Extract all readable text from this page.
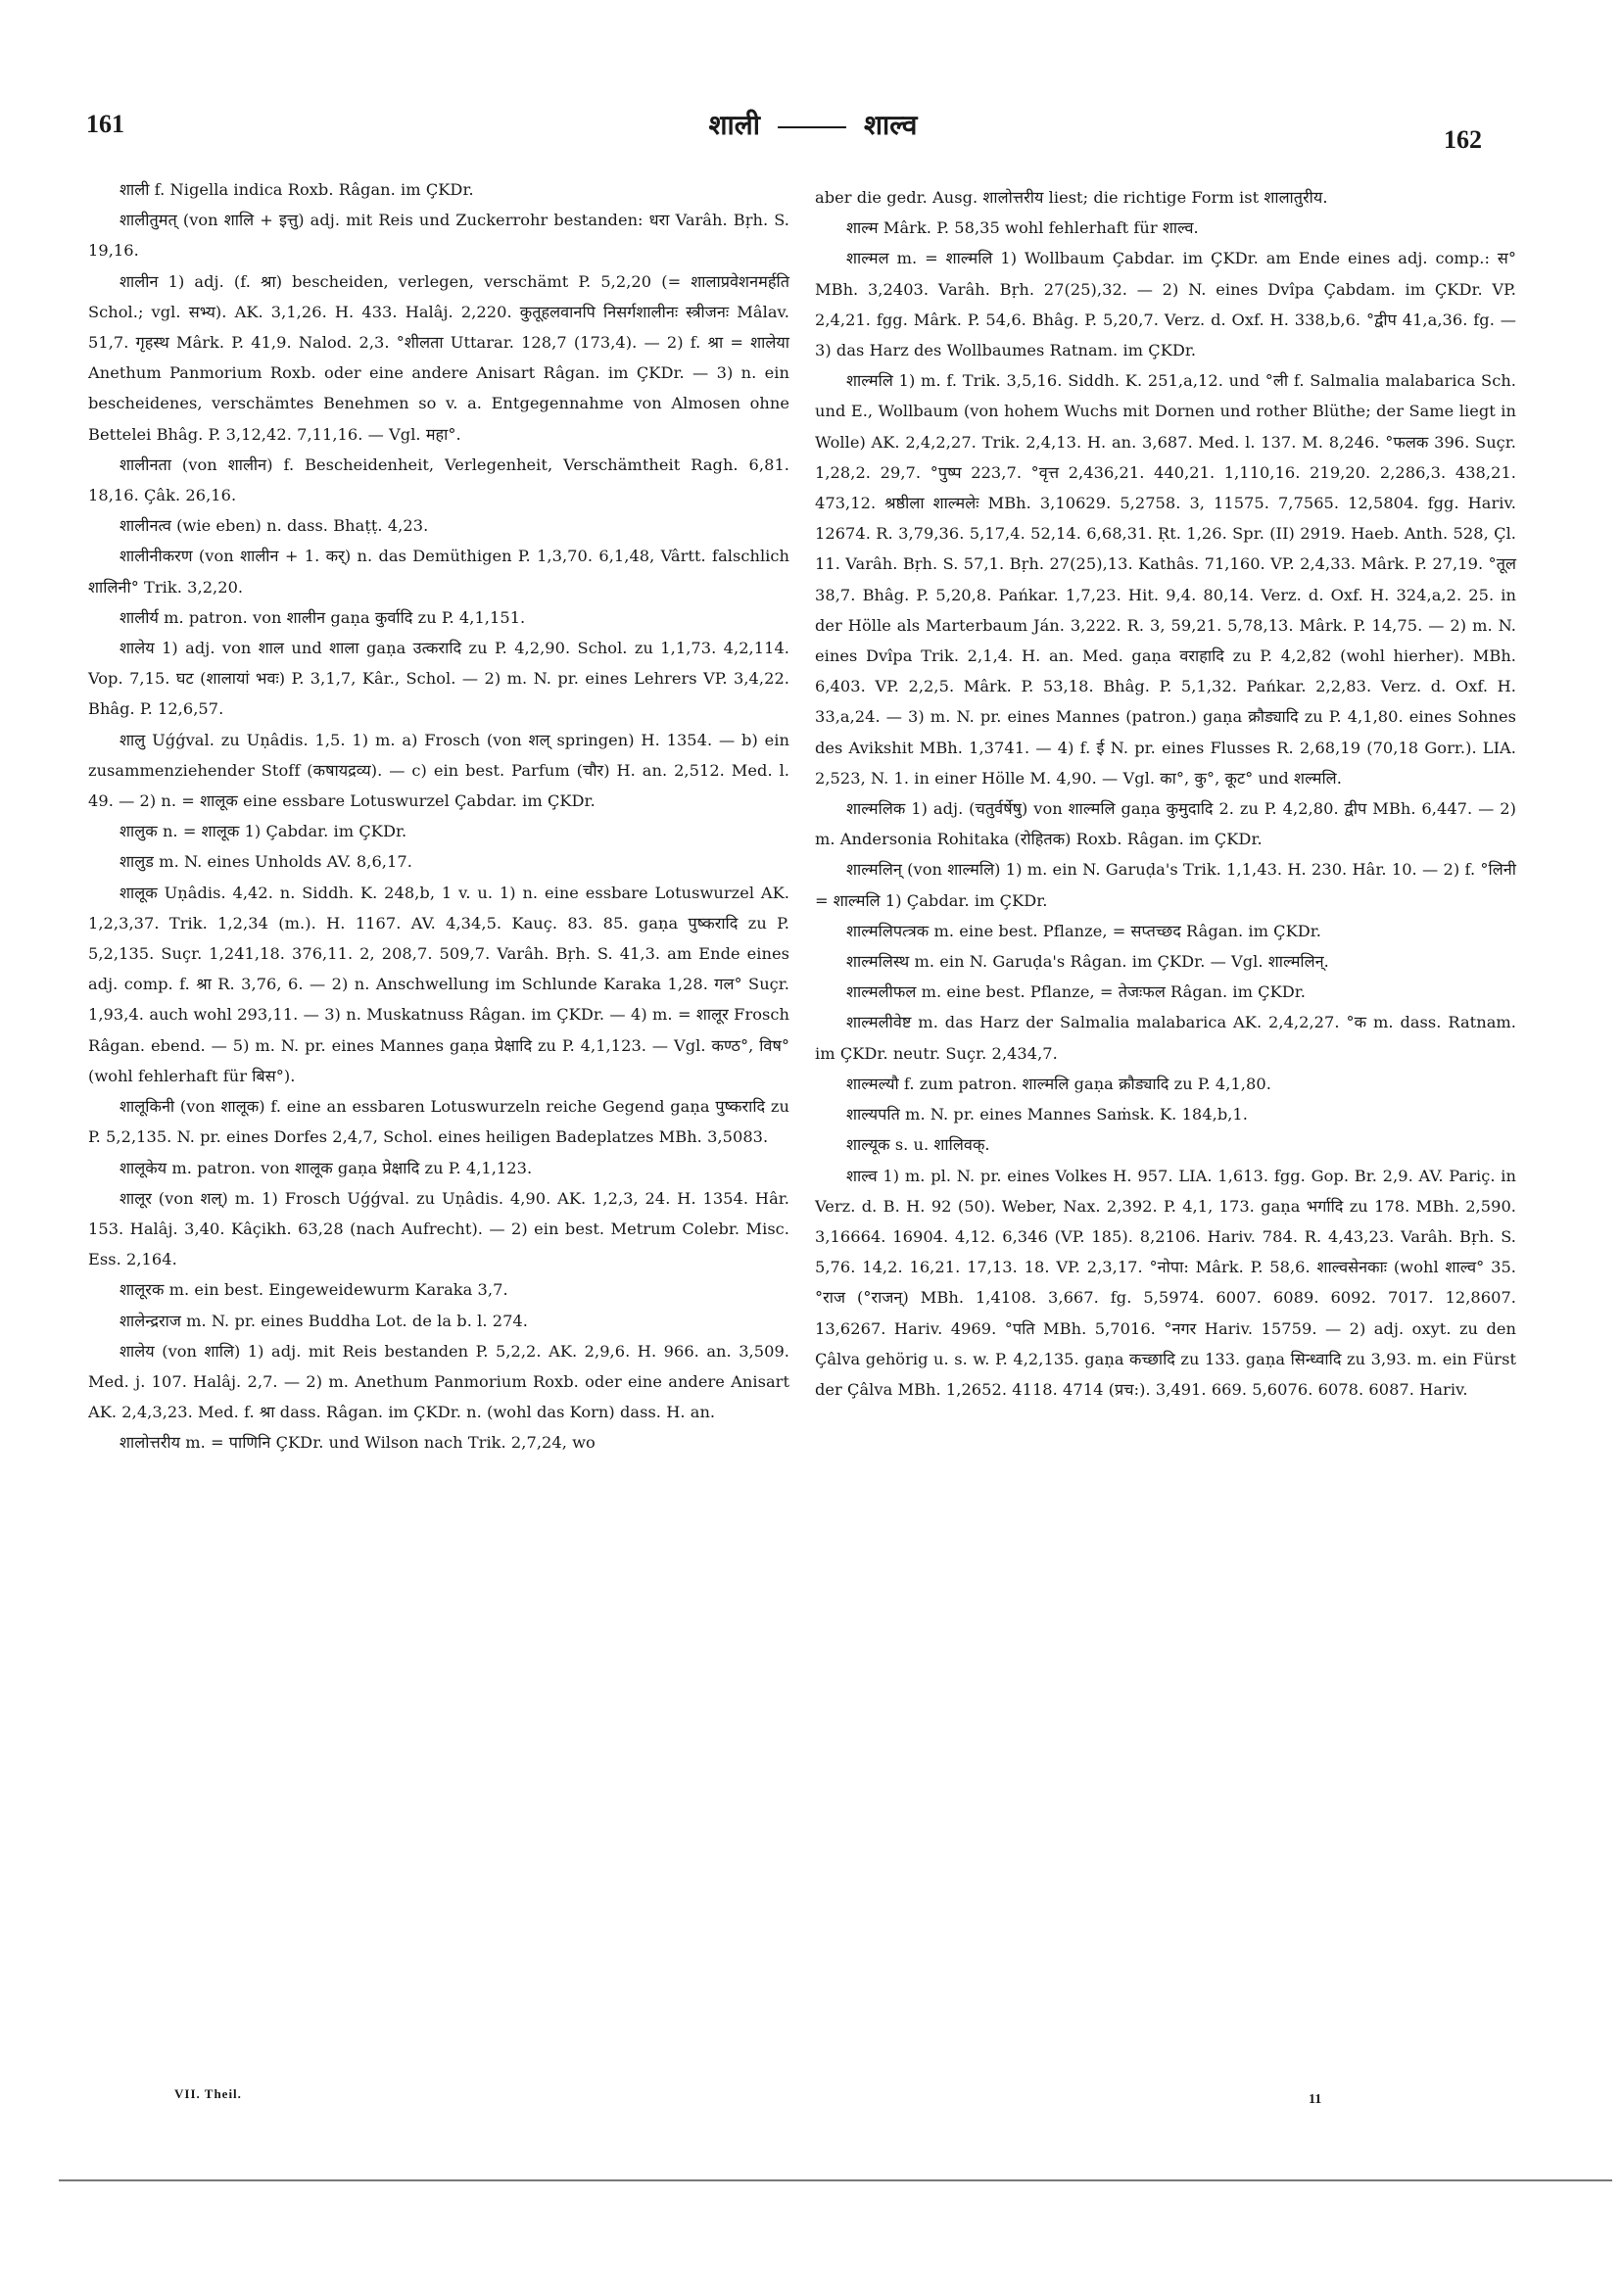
161	शाली	शाल्व	162

शाली f. Nigella indica Roxb. Râgan. im ÇKDr.

शालीतुमत् (von शालि + इत्तु) adj. mit Reis und Zuckerrohr bestanden: धरा Varâh. Bṛh. S. 19,16.

शालीन 1) adj. (f. श्रा) bescheiden, verlegen, verschämt P. 5,2,20 (= शालाप्रवेशनमर्हति Schol.; vgl. सभ्य). AK. 3,1,26. H. 433. Halâj. 2,220. कुतूहलवानपि निसर्गशालीनः स्त्रीजनः Mâlav. 51,7. गृहस्थ Mârk. P. 41,9. Nalod. 2,3. °शीलता Uttarar. 128,7 (173,4). — 2) f. श्रा = शालेया Anethum Panmorium Roxb. oder eine andere Anisart Râgan. im ÇKDr. — 3) n. ein bescheidenes, verschämtes Benehmen so v. a. Entgegennahme von Almosen ohne Bettelei Bhâg. P. 3,12,42. 7,11,16. — Vgl. महा°.

शालीनता (von शालीन) f. Bescheidenheit, Verlegenheit, Verschämtheit Ragh. 6,81. 18,16. Çâk. 26,16.

शालीनत्व (wie eben) n. dass. Bhaṭṭ. 4,23.

शालीनीकरण (von शालीन + 1. कर्) n. das Demüthigen P. 1,3,70. 6,1,48, Vârtt. falschlich शालिनी° Trik. 3,2,20.

शालीर्य m. patron. von शालीन gaṇa कुर्वादि zu P. 4,1,151.

शालेय 1) adj. von शाल und शाला gaṇa उत्करादि zu P. 4,2,90. Schol. zu 1,1,73. 4,2,114. Vop. 7,15. घट (शालायां भवः) P. 3,1,7, Kâr., Schol. — 2) m. N. pr. eines Lehrers VP. 3,4,22. Bhâg. P. 12,6,57.

शालु Uǵǵval. zu Uṇâdis. 1,5. 1) m. a) Frosch (von शल् springen) H. 1354. — b) ein zusammenziehender Stoff (कषायद्रव्य). — c) ein best. Parfum (चौर) H. an. 2,512. Med. l. 49. — 2) n. = शालूक eine essbare Lotuswurzel Çabdar. im ÇKDr.

शालुक n. = शालूक 1) Çabdar. im ÇKDr.

शालुड m. N. eines Unholds AV. 8,6,17.

शालूक Uṇâdis. 4,42. n. Siddh. K. 248,b, 1 v. u. 1) n. eine essbare Lotuswurzel AK. 1,2,3,37. Trik. 1,2,34 (m.). H. 1167. AV. 4,34,5. Kauç. 83. 85. gaṇa पुष्करादि zu P. 5,2,135. Suçr. 1,241,18. 376,11. 2, 208,7. 509,7. Varâh. Bṛh. S. 41,3. am Ende eines adj. comp. f. श्रा R. 3,76, 6. — 2) n. Anschwellung im Schlunde Karaka 1,28. गल° Suçr. 1,93,4. auch wohl 293,11. — 3) n. Muskatnuss Râgan. im ÇKDr. — 4) m. = शालूर Frosch Râgan. ebend. — 5) m. N. pr. eines Mannes gaṇa प्रेक्षादि zu P. 4,1,123. — Vgl. कण्ठ°, विष° (wohl fehlerhaft für बिस°).

शालूकिनी (von शालूक) f. eine an essbaren Lotuswurzeln reiche Gegend gaṇa पुष्करादि zu P. 5,2,135. N. pr. eines Dorfes 2,4,7, Schol. eines heiligen Badeplatzes MBh. 3,5083.

शालूकेय m. patron. von शालूक gaṇa प्रेक्षादि zu P. 4,1,123.

शालूर (von शल्) m. 1) Frosch Uǵǵval. zu Uṇâdis. 4,90. AK. 1,2,3, 24. H. 1354. Hâr. 153. Halâj. 3,40. Kâçikh. 63,28 (nach Aufrecht). — 2) ein best. Metrum Colebr. Misc. Ess. 2,164.

शालूरक m. ein best. Eingeweidewurm Karaka 3,7.

शालेन्द्रराज m. N. pr. eines Buddha Lot. de la b. l. 274.

शालेय (von शालि) 1) adj. mit Reis bestanden P. 5,2,2. AK. 2,9,6. H. 966. an. 3,509. Med. j. 107. Halâj. 2,7. — 2) m. Anethum Panmorium Roxb. oder eine andere Anisart AK. 2,4,3,23. Med. f. श्रा dass. Râgan. im ÇKDr. n. (wohl das Korn) dass. H. an.

शालोत्तरीय m. = पाणिनि ÇKDr. und Wilson nach Trik. 2,7,24, wo

aber die gedr. Ausg. शालोत्तरीय liest; die richtige Form ist शालातुरीय.

शाल्म Mârk. P. 58,35 wohl fehlerhaft für शाल्व.

शाल्मल m. = शाल्मलि 1) Wollbaum Çabdar. im ÇKDr. am Ende eines adj. comp.: स° MBh. 3,2403. Varâh. Bṛh. 27(25),32. — 2) N. eines Dvîpa Çabdam. im ÇKDr. VP. 2,4,21. fgg. Mârk. P. 54,6. Bhâg. P. 5,20,7. Verz. d. Oxf. H. 338,b,6. °द्वीप 41,a,36. fg. — 3) das Harz des Wollbaumes Ratnam. im ÇKDr.

शाल्मलि 1) m. f. Trik. 3,5,16. Siddh. K. 251,a,12. und °ली f. Salmalia malabarica Sch. und E., Wollbaum (von hohem Wuchs mit Dornen und rother Blüthe; der Same liegt in Wolle) AK. 2,4,2,27. Trik. 2,4,13. H. an. 3,687. Med. l. 137. M. 8,246. °फलक 396. Suçr. 1,28,2. 29,7. °पुष्प 223,7. °वृत्त 2,436,21. 440,21. 1,110,16. 219,20. 2,286,3. 438,21. 473,12. श्रष्ठीला शाल्मलेः MBh. 3,10629. 5,2758. 3, 11575. 7,7565. 12,5804. fgg. Hariv. 12674. R. 3,79,36. 5,17,4. 52,14. 6,68,31. Ṛt. 1,26. Spr. (II) 2919. Haeb. Anth. 528, Çl. 11. Varâh. Bṛh. S. 57,1. Bṛh. 27(25),13. Kathâs. 71,160. VP. 2,4,33. Mârk. P. 27,19. °तूल 38,7. Bhâg. P. 5,20,8. Pańkar. 1,7,23. Hit. 9,4. 80,14. Verz. d. Oxf. H. 324,a,2. 25. in der Hölle als Marterbaum Ján. 3,222. R. 3, 59,21. 5,78,13. Mârk. P. 14,75. — 2) m. N. eines Dvîpa Trik. 2,1,4. H. an. Med. gaṇa वराहादि zu P. 4,2,82 (wohl hierher). MBh. 6,403. VP. 2,2,5. Mârk. P. 53,18. Bhâg. P. 5,1,32. Pańkar. 2,2,83. Verz. d. Oxf. H. 33,a,24. — 3) m. N. pr. eines Mannes (patron.) gaṇa क्रौड्यादि zu P. 4,1,80. eines Sohnes des Avikshit MBh. 1,3741. — 4) f. ई N. pr. eines Flusses R. 2,68,19 (70,18 Gorr.). LIA. 2,523, N. 1. in einer Hölle M. 4,90. — Vgl. का°, कु°, कूट° und शल्मलि.

शाल्मलिक 1) adj. (चतुर्वर्षेषु) von शाल्मलि gaṇa कुमुदादि 2. zu P. 4,2,80. द्वीप MBh. 6,447. — 2) m. Andersonia Rohitaka (रोहितक) Roxb. Râgan. im ÇKDr.

शाल्मलिन् (von शाल्मलि) 1) m. ein N. Garuḍa's Trik. 1,1,43. H. 230. Hâr. 10. — 2) f. °लिनी = शाल्मलि 1) Çabdar. im ÇKDr.

शाल्मलिपत्त्रक m. eine best. Pflanze, = सप्तच्छद Râgan. im ÇKDr.

शाल्मलिस्थ m. ein N. Garuḍa's Râgan. im ÇKDr. — Vgl. शाल्मलिन्.

शाल्मलीफल m. eine best. Pflanze, = तेजःफल Râgan. im ÇKDr.

शाल्मलीवेष्ट m. das Harz der Salmalia malabarica AK. 2,4,2,27. °क m. dass. Ratnam. im ÇKDr. neutr. Suçr. 2,434,7.

शाल्मल्यौ f. zum patron. शाल्मलि gaṇa क्रौड्यादि zu P. 4,1,80.

शाल्यपति m. N. pr. eines Mannes Saṁsk. K. 184,b,1.

शाल्यूक s. u. शालिवक्.

शाल्व 1) m. pl. N. pr. eines Volkes H. 957. LIA. 1,613. fgg. Gop. Br. 2,9. AV. Pariç. in Verz. d. B. H. 92 (50). Weber, Nax. 2,392. P. 4,1, 173. gaṇa भर्गादि zu 178. MBh. 2,590. 3,16664. 16904. 4,12. 6,346 (VP. 185). 8,2106. Hariv. 784. R. 4,43,23. Varâh. Bṛh. S. 5,76. 14,2. 16,21. 17,13. 18. VP. 2,3,17. °नोपा: Mârk. P. 58,6. शाल्वसेनकाः (wohl शाल्व° 35. °राज (°राजन्) MBh. 1,4108. 3,667. fg. 5,5974. 6007. 6089. 6092. 7017. 12,8607. 13,6267. Hariv. 4969. °पति MBh. 5,7016. °नगर Hariv. 15759. — 2) adj. oxyt. zu den Çâlva gehörig u. s. w. P. 4,2,135. gaṇa कच्छादि zu 133. gaṇa सिन्ध्वादि zu 3,93. m. ein Fürst der Çâlva MBh. 1,2652. 4118. 4714 (प्रच:). 3,491. 669. 5,6076. 6078. 6087. Hariv.

VII. Theil.	11
